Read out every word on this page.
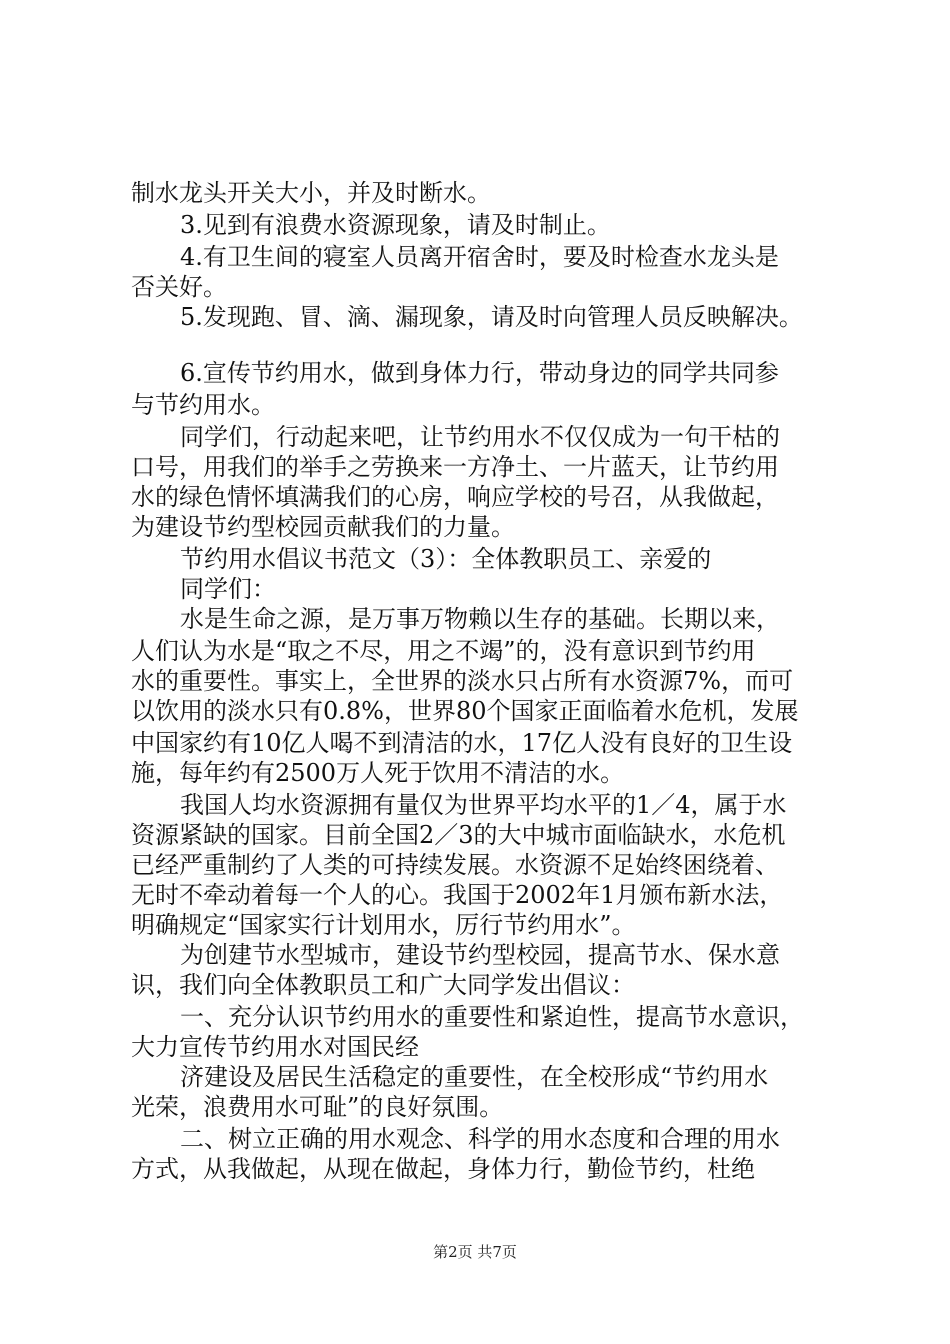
制水龙头开关大小，并及时断水。
3.见到有浪费水资源现象，请及时制止。
4.有卫生间的寝室人员离开宿舍时，要及时检查水龙头是
否关好。
5.发现跑、冒、滴、漏现象，请及时向管理人员反映解决。
6.宣传节约用水，做到身体力行，带动身边的同学共同参
与节约用水。
同学们，行动起来吧，让节约用水不仅仅成为一句干枯的
口号，用我们的举手之劳换来一方净土、一片蓝天，让节约用
水的绿色情怀填满我们的心房，响应学校的号召，从我做起，
为建设节约型校园贡献我们的力量。
节约用水倡议书范文（3）：全体教职员工、亲爱的
同学们：
水是生命之源，是万事万物赖以生存的基础。长期以来，
人们认为水是“取之不尽，用之不竭”的，没有意识到节约用
水的重要性。事实上，全世界的淡水只占所有水资源7%，而可
以饮用的淡水只有0.8%，世界80个国家正面临着水危机，发展
中国家约有10亿人喝不到清洁的水，17亿人没有良好的卫生设
施，每年约有2500万人死于饮用不清洁的水。
我国人均水资源拥有量仅为世界平均水平的1／4，属于水
资源紧缺的国家。目前全国2／3的大中城市面临缺水，水危机
已经严重制约了人类的可持续发展。水资源不足始终困绕着、
无时不牵动着每一个人的心。我国于2002年1月颁布新水法，
明确规定“国家实行计划用水，厉行节约用水”。
为创建节水型城市，建设节约型校园，提高节水、保水意
识，我们向全体教职员工和广大同学发出倡议：
一、充分认识节约用水的重要性和紧迫性，提高节水意识，
大力宣传节约用水对国民经
济建设及居民生活稳定的重要性，在全校形成“节约用水
光荣，浪费用水可耻”的良好氛围。
二、树立正确的用水观念、科学的用水态度和合理的用水
方式，从我做起，从现在做起，身体力行，勤俭节约，杜绝
第2页 共7页
